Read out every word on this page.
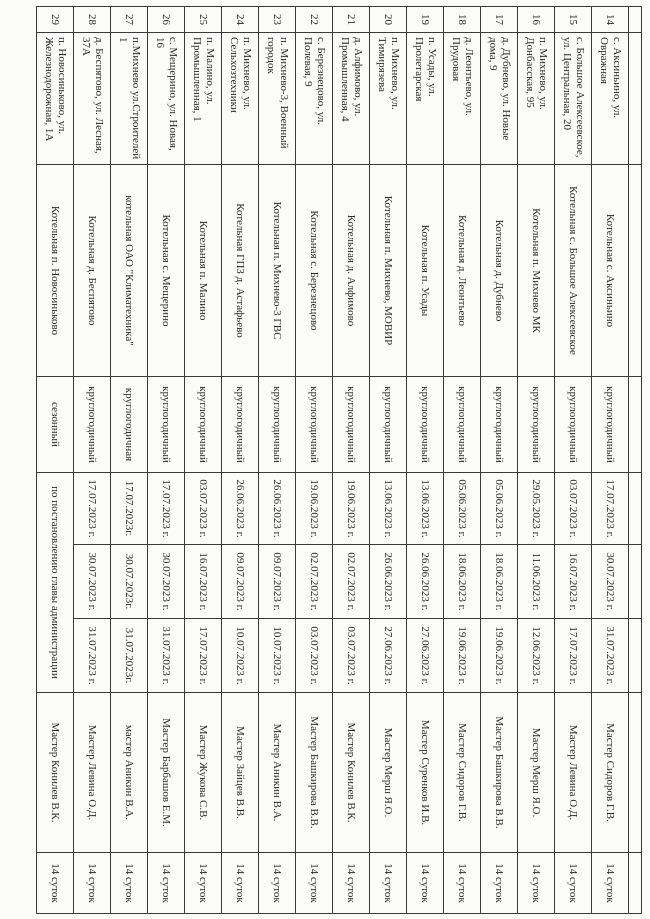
14	с. Аксиньино, ул. Овражная	Котельная с. Аксиньино	круглогодичный	17.07.2023 г.	30.07.2023 г.	31.07.2023 г.	Мастер Сидоров Г.В.	14 суток
15	с. Большое Алексеевское, ул. Центральная, 20	Котельная с. Большое Алексеевское	круглогодичный	03.07.2023 г.	16.07.2023 г.	17.07.2023 г.	Мастер Левина О.Д.	14 суток
16	п. Михнево, ул. Донбасская, 95	Котельная п. Михнево МК	круглогодичный	29.05.2023 г.	11.06.2023 г.	12.06.2023 г.	Мастер Мерш Я.О.	14 суток
17	д. Дубнево, ул. Новые дома, 9	Котельная д. Дубнево	круглогодичный	05.06.2023 г.	18.06.2023 г.	19.06.2023 г.	Мастер Башкирова В.В.	14 суток
18	д. Леонтьево, ул. Прудовая	Котельная д. Леонтьево	круглогодичный	05.06.2023 г.	18.06.2023 г.	19.06.2023 г.	Мастер Сидоров Г.В.	14 суток
19	п. Усады, ул. Пролетарская	Котельная п. Усады	круглогодичный	13.06.2023 г.	26.06.2023 г.	27.06.2023 г.	Мастер Суренков И.В.	14 суток
20	п. Михнево, ул. Тимирязева	Котельная п. Михнево, МОВИР	круглогодичный	13.06.2023 г.	26.06.2023 г.	27.06.2023 г.	Мастер Мерш Я.О.	14 суток
21	д. Алфимово, ул. Промышленная, 4	Котельная д. Алфимово	круглогодичный	19.06.2023 г.	02.07.2023 г.	03.07.2023 г.	Мастер Конилев В.К.	14 суток
22	с. Березнецово, ул. Полевая, 9	Котельная с. Березнецово	круглогодичный	19.06.2023 г.	02.07.2023 г.	03.07.2023 г.	Мастер Башкирова В.В.	14 суток
23	п. Михнево-3, Военный городок	Котельная п. Михнево-3 ГВС	круглогодичный	26.06.2023 г.	09.07.2023 г.	10.07.2023 г.	Мастер Аникин В.А.	14 суток
24	п. Михнево, ул. Сельхозтехники	Котельная ГПЗ д. Астафьево	круглогодичный	26.06.2023 г.	09.07.2023 г.	10.07.2023 г.	Мастер Зайцев В.В.	14 суток
25	п. Малино, ул. Промышленная, 1	Котельная п. Малино	круглогодичный	03.07.2023 г.	16.07.2023 г.	17.07.2023 г.	Мастер Жукова С.В.	14 суток
26	с. Мещерино, ул. Новая, 16	Котельная с. Мещерино	круглогодичный	17.07.2023 г.	30.07.2023 г.	31.07.2023 г.	Мастер Барбашов Е.М.	14 суток
27	п.Михнево ул.Строителей 1	котельная ОАО "Климатехника"	круглогодичная	17.07.2023г.	30.07.2023г.	31.07.2023г.	мастер Аникин В.А.	14 суток
28	д. Беспятово, ул. Лесная, 37А	Котельная д. Беспятово	круглогодичный	17.07.2023 г.	30.07.2023 г.	31.07.2023 г.	Мастер Левина О.Д.	14 суток
29	п. Новосиньково, ул. Железнодорожная, 1А	Котельная п. Новосиньково	сезонный	по постановлению главы администрации			Мастер Конилев В.К.	14 суток
